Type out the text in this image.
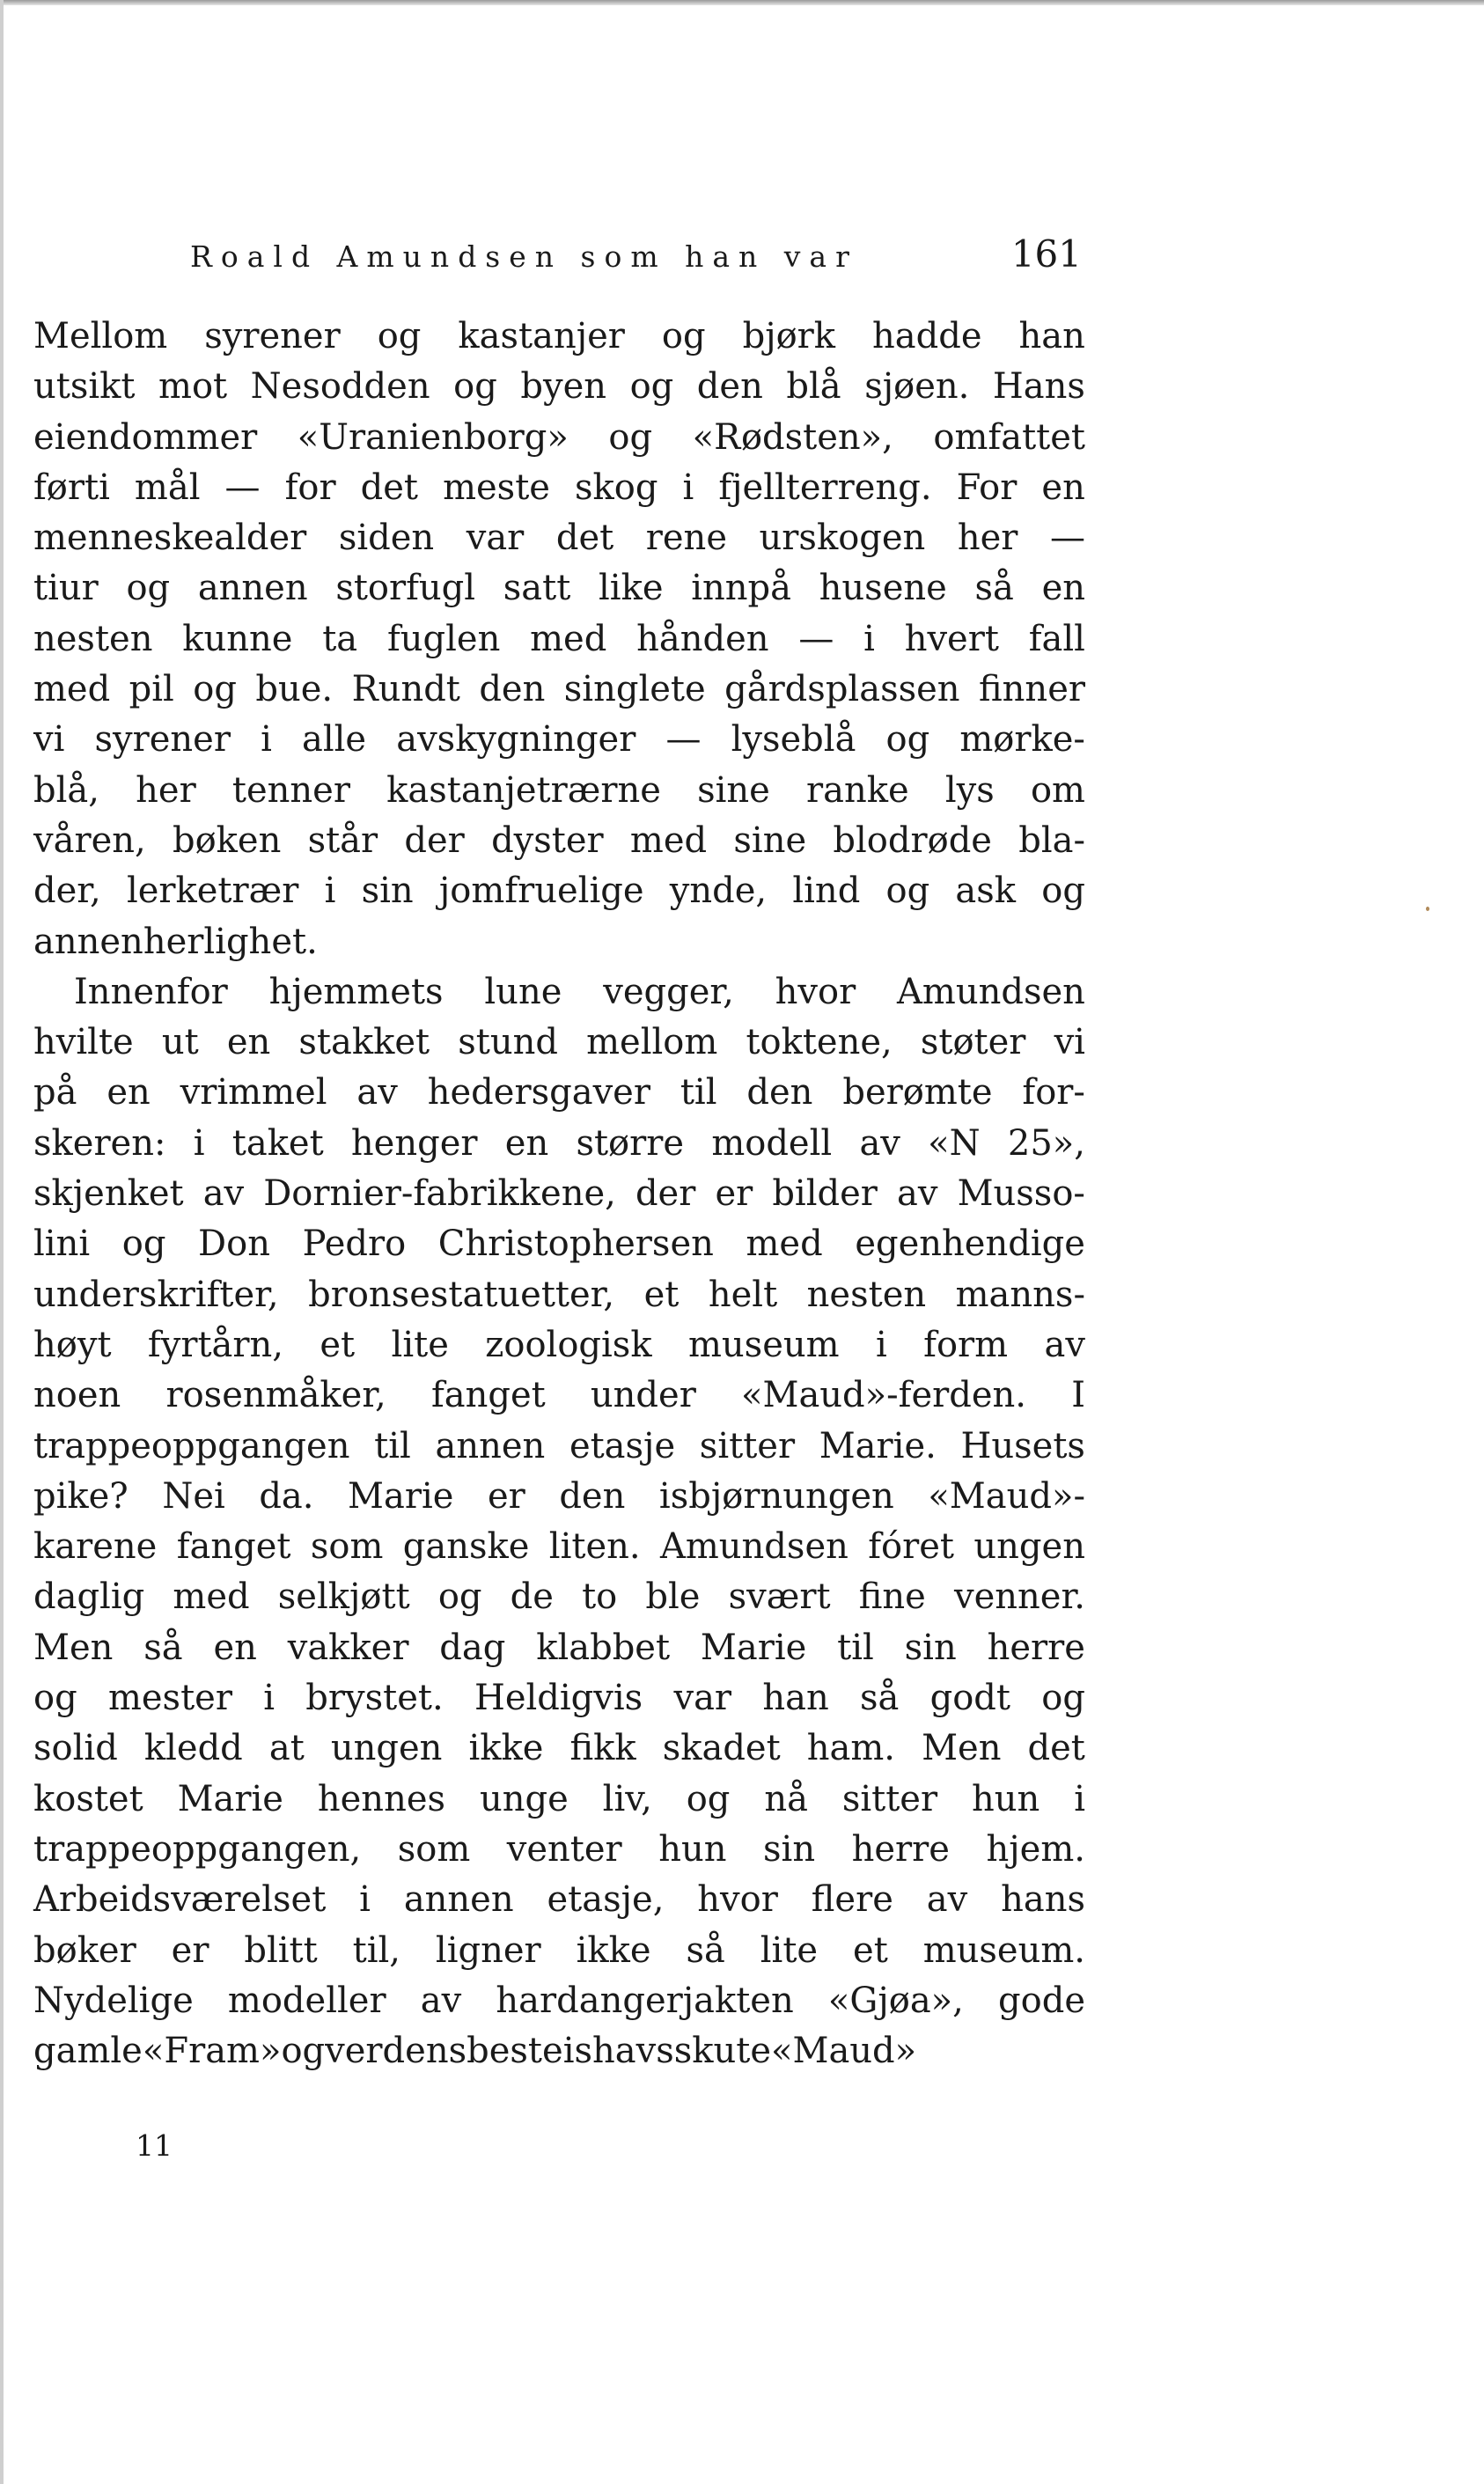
Roald Amundsen som han var	161
Mellom syrener og kastanjer og bjørk hadde han
utsikt mot Nesodden og byen og den blå sjøen. Hans
eiendommer «Uranienborg» og «Rødsten», omfattet
førti mål — for det meste skog i fjellterreng. For en
menneskealder siden var det rene urskogen her —
tiur og annen storfugl satt like innpå husene så en
nesten kunne ta fuglen med hånden — i hvert fall
med pil og bue. Rundt den singlete gårdsplassen finner
vi syrener i alle avskygninger — lyseblå og mørke-
blå, her tenner kastanjetrærne sine ranke lys om
våren, bøken står der dyster med sine blodrøde bla-
der, lerketrær i sin jomfruelige ynde, lind og ask og
annen herlighet.
Innenfor hjemmets lune vegger, hvor Amundsen
hvilte ut en stakket stund mellom toktene, støter vi
på en vrimmel av hedersgaver til den berømte for-
skeren: i taket henger en større modell av «N 25»,
skjenket av Dornier-fabrikkene, der er bilder av Musso-
lini og Don Pedro Christophersen med egenhendige
underskrifter, bronsestatuetter, et helt nesten manns-
høyt fyrtårn, et lite zoologisk museum i form av
noen rosenmåker, fanget under «Maud»-ferden. I
trappeoppgangen til annen etasje sitter Marie. Husets
pike? Nei da. Marie er den isbjørnungen «Maud»-
karene fanget som ganske liten. Amundsen fóret ungen
daglig med selkjøtt og de to ble svært fine venner.
Men så en vakker dag klabbet Marie til sin herre
og mester i brystet. Heldigvis var han så godt og
solid kledd at ungen ikke fikk skadet ham. Men det
kostet Marie hennes unge liv, og nå sitter hun i
trappeoppgangen, som venter hun sin herre hjem.
Arbeidsværelset i annen etasje, hvor flere av hans
bøker er blitt til, ligner ikke så lite et museum.
Nydelige modeller av hardangerjakten «Gjøa», gode
gamle «Fram» og verdens beste ishavsskute «Maud»
11
